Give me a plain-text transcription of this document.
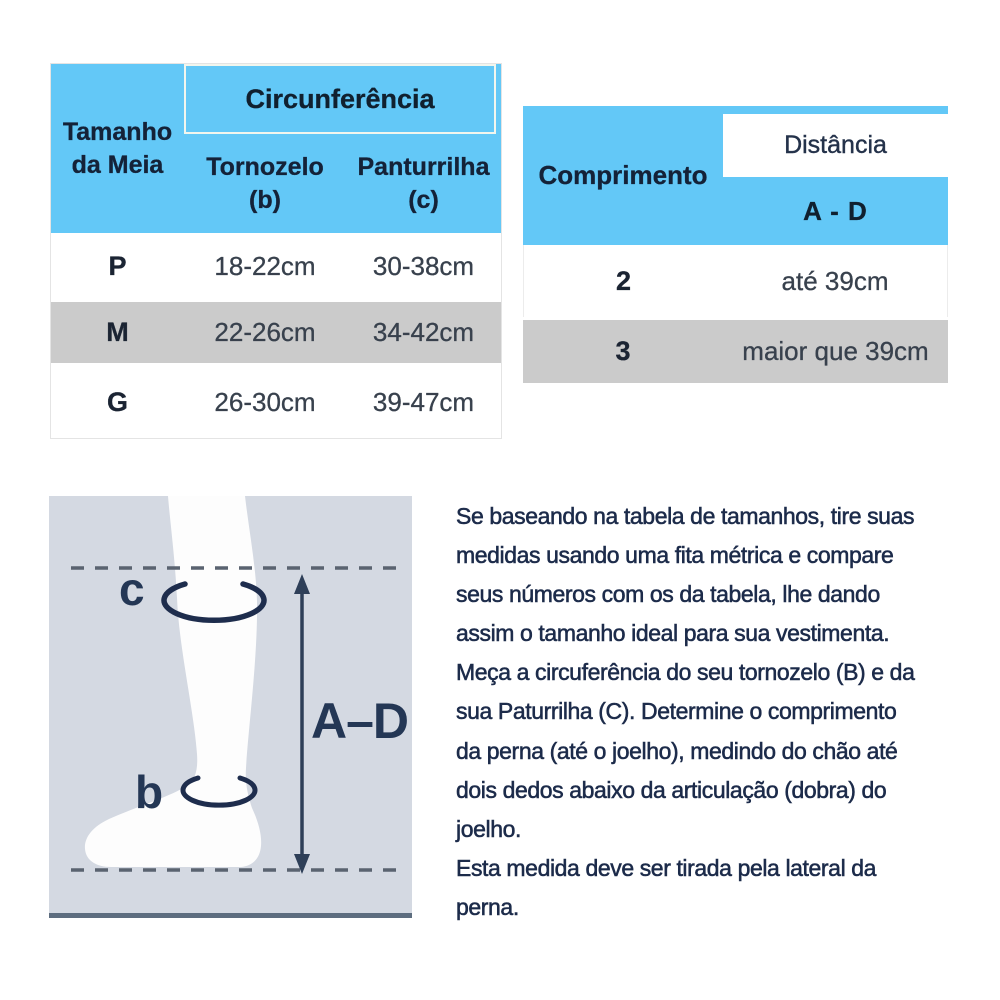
Tamanho
da Meia
Circunferência
Tornozelo
(b)
Panturrilha
(c)
P	18-22cm	30-38cm
M	22-26cm	34-42cm
G	26-30cm	39-47cm
Comprimento
Distância
A - D
2	até 39cm
3	maior que 39cm
c
b
A–D
Se baseando na tabela de tamanhos, tire suas
medidas usando uma fita métrica e compare
seus números com os da tabela, lhe dando
assim o tamanho ideal para sua vestimenta.
Meça a circuferência do seu tornozelo (B) e da
sua Paturrilha (C). Determine o comprimento
da perna (até o joelho), medindo do chão até
dois dedos abaixo da articulação (dobra) do
joelho.
Esta medida deve ser tirada pela lateral da
perna.
